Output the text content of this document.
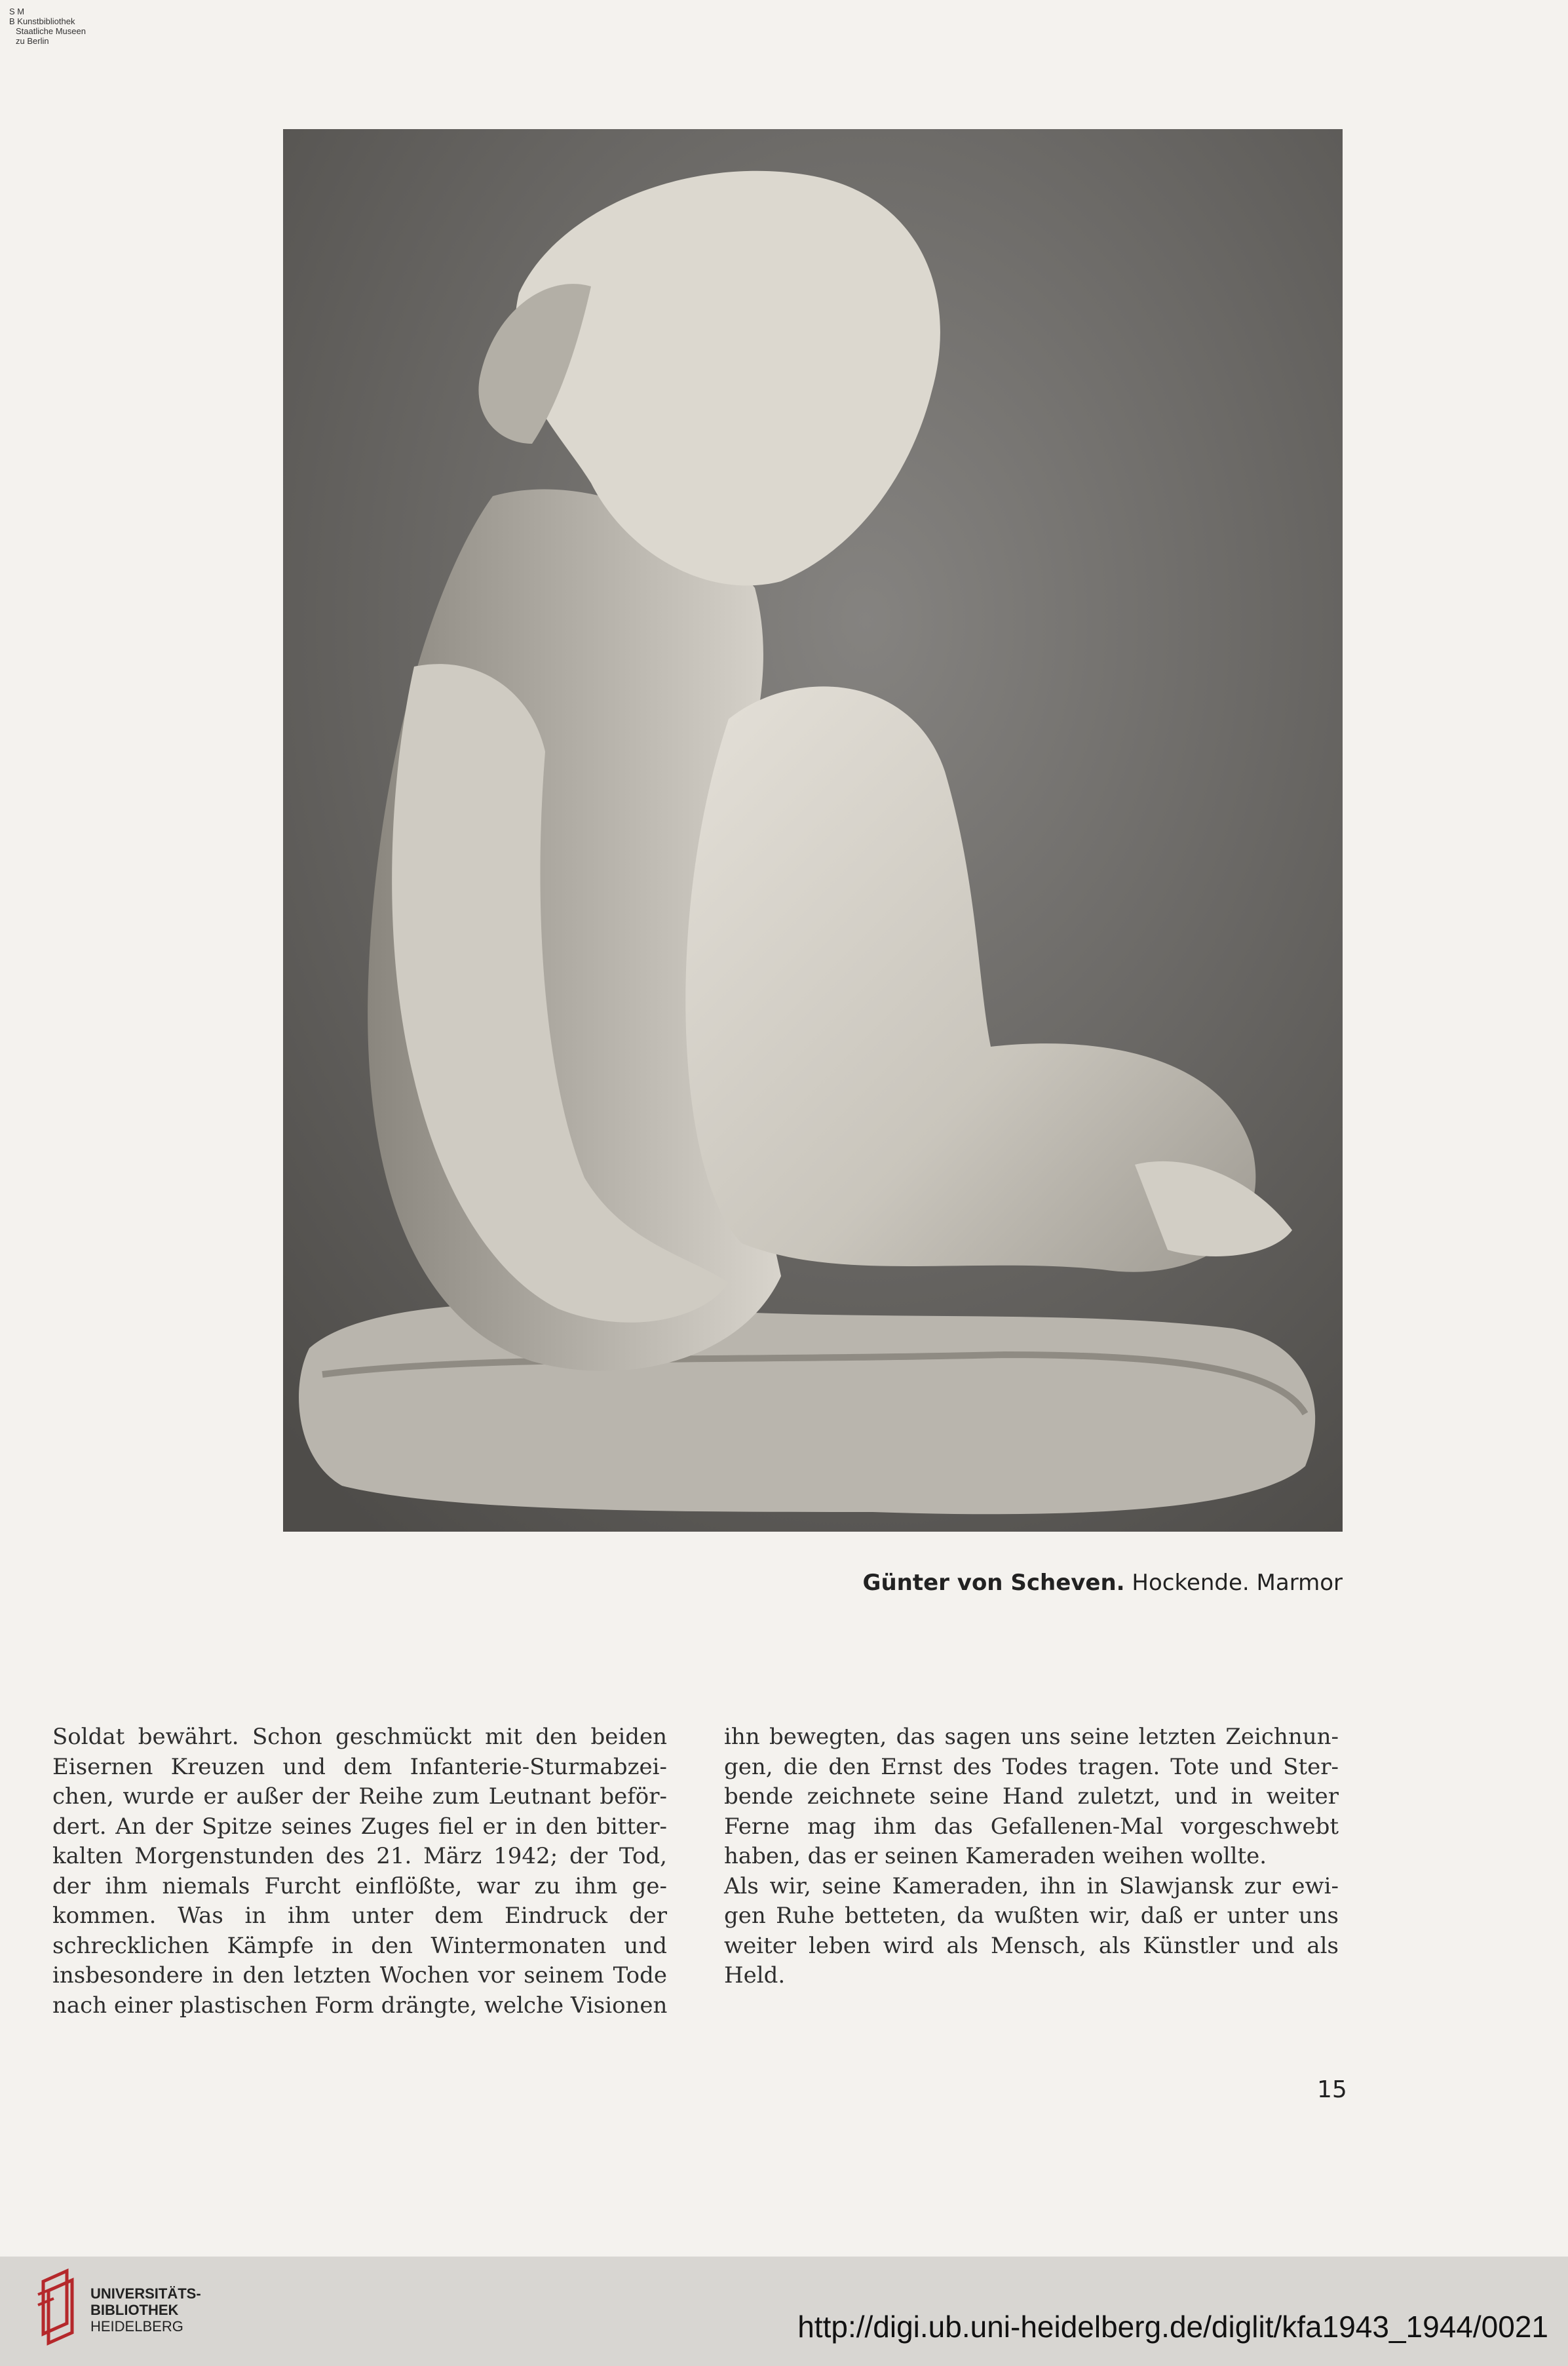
S M
B Kunstbibliothek
Staatliche Museen
zu Berlin
Günter von Scheven. Hockende. Marmor
Soldat bewährt. Schon geschmückt mit den beiden
Eisernen Kreuzen und dem Infanterie-Sturmabzei-
chen, wurde er außer der Reihe zum Leutnant beför-
dert. An der Spitze seines Zuges fiel er in den bitter-
kalten Morgenstunden des 21. März 1942; der Tod,
der ihm niemals Furcht einflößte, war zu ihm ge-
kommen. Was in ihm unter dem Eindruck der
schrecklichen Kämpfe in den Wintermonaten und
insbesondere in den letzten Wochen vor seinem Tode
nach einer plastischen Form drängte, welche Visionen
ihn bewegten, das sagen uns seine letzten Zeichnun-
gen, die den Ernst des Todes tragen. Tote und Ster-
bende zeichnete seine Hand zuletzt, und in weiter
Ferne mag ihm das Gefallenen-Mal vorgeschwebt
haben, das er seinen Kameraden weihen wollte.
Als wir, seine Kameraden, ihn in Slawjansk zur ewi-
gen Ruhe betteten, da wußten wir, daß er unter uns
weiter leben wird als Mensch, als Künstler und als
Held.
15
UNIVERSITÄTS-
BIBLIOTHEK
HEIDELBERG	http://digi.ub.uni-heidelberg.de/diglit/kfa1943_1944/0021
